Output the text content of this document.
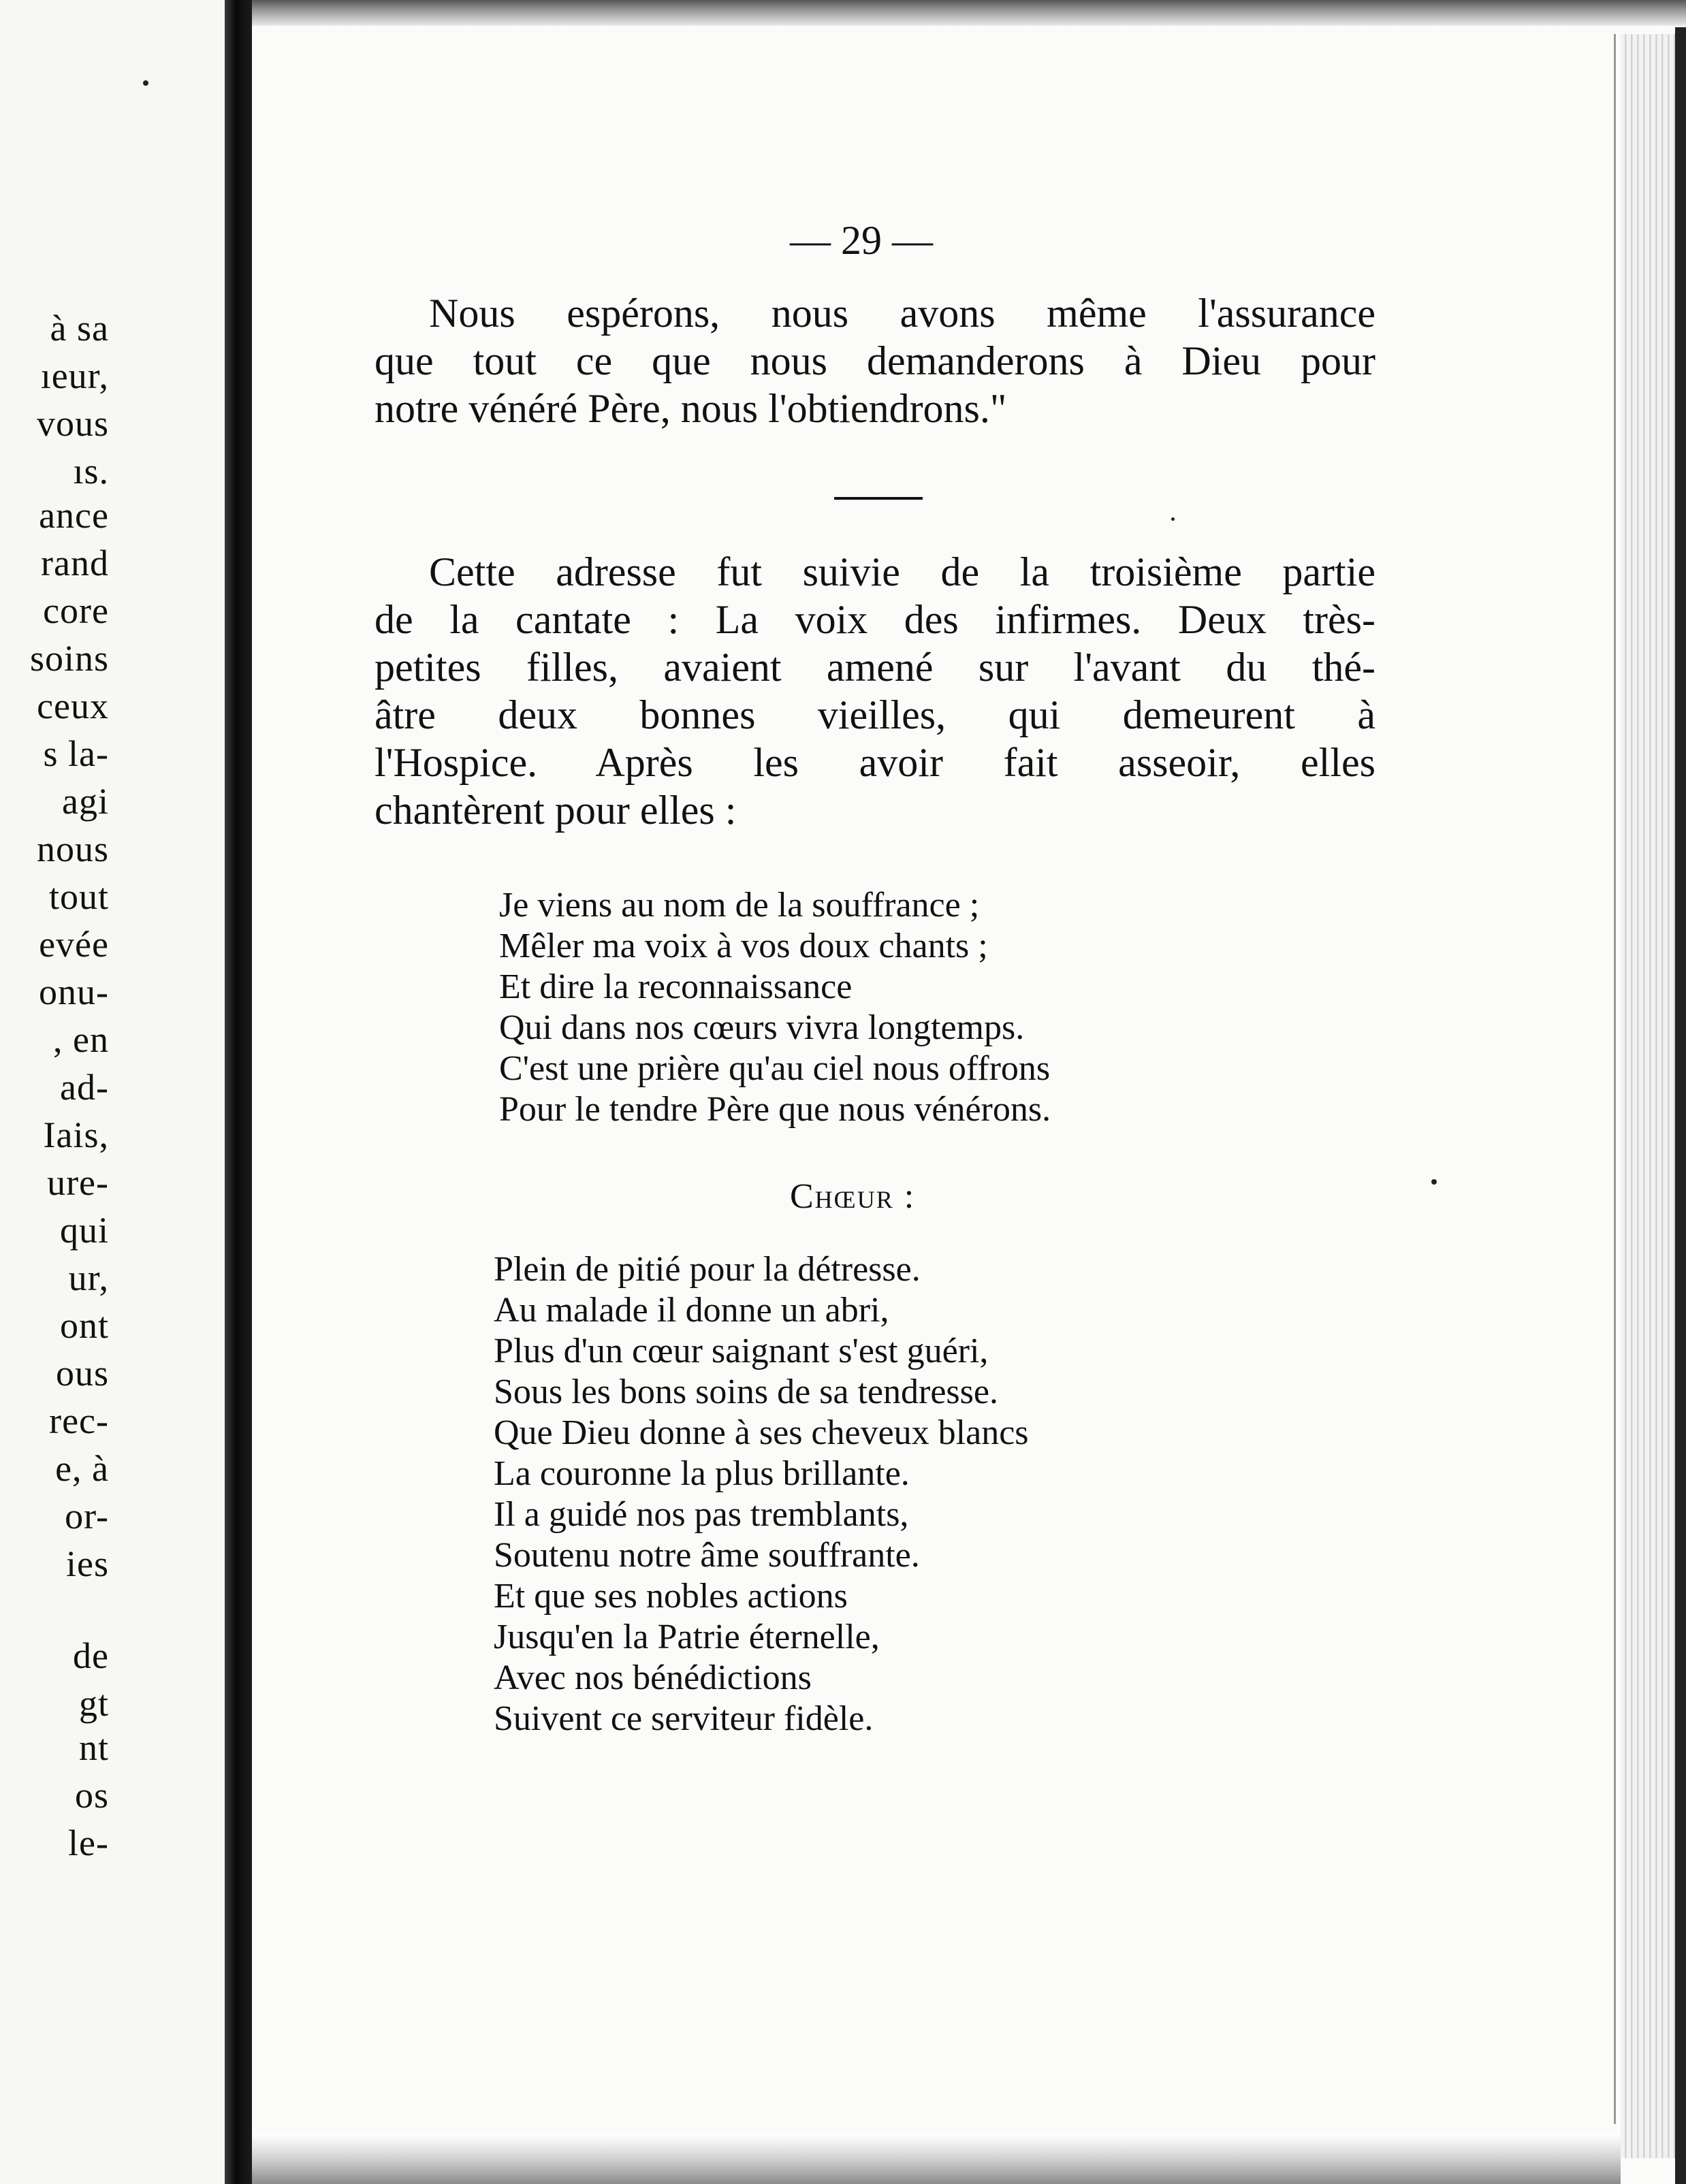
à sa
ıeur,
vous
ıs.
ance
rand
core
soins
ceux
s la-
agi
nous
tout
evée
onu-
, en
ad-
Iais,
ure-
qui
ur,
ont
ous
rec-
e, à
or-
ies
de
gt
nt
os
le-
— 29 —
Nous espérons, nous avons même l'assurance
que tout ce que nous demanderons à Dieu pour
notre vénéré Père, nous l'obtiendrons."
Cette adresse fut suivie de la troisième partie
de la cantate : La voix des infirmes. Deux très-
petites filles, avaient amené sur l'avant du thé-
âtre deux bonnes vieilles, qui demeurent à
l'Hospice. Après les avoir fait asseoir, elles
chantèrent pour elles :
Je viens au nom de la souffrance ;
Mêler ma voix à vos doux chants ;
Et dire la reconnaissance
Qui dans nos cœurs vivra longtemps.
C'est une prière qu'au ciel nous offrons
Pour le tendre Père que nous vénérons.
Chœur :
Plein de pitié pour la détresse.
Au malade il donne un abri,
Plus d'un cœur saignant s'est guéri,
Sous les bons soins de sa tendresse.
Que Dieu donne à ses cheveux blancs
La couronne la plus brillante.
Il a guidé nos pas tremblants,
Soutenu notre âme souffrante.
Et que ses nobles actions
Jusqu'en la Patrie éternelle,
Avec nos bénédictions
Suivent ce serviteur fidèle.
